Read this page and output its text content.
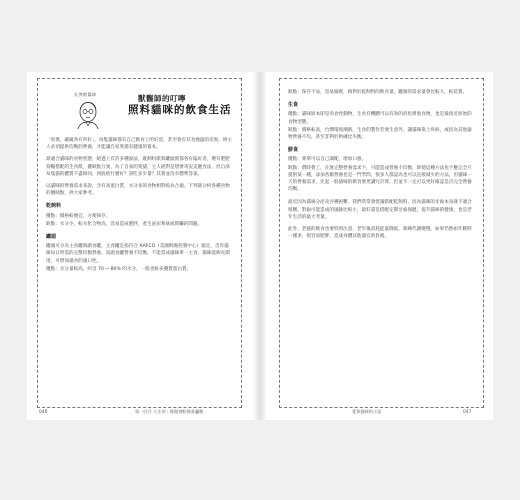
吳博獸醫師	獸醫師的叮嚀
照料貓咪的飲食生活

「貴菜，嚴厲各有所好」，每隻貓咪都有自己飲食上的好惡，甚至會有其食地盛的差異，則主人必須提供均衡的營養，才能讓自家愛貓有健康的資本。

最適合貓咪的食物型態，絕過上有許多種說法，既飼料派與罐頭派都各有偏好者，選有肥肥狗糧搭配的生食派，優缺點互異，為了自家的愛貓，主人絕對是想要寄況美麗食法，但自部每隻貓的體質不盡相同，到底給什麼好？該吃多少量？其實並沒有標準答案。

以貓咪的營養需求來說，含有高蛋白質，水分多的食物相對較為合適。下列就分析各種食物的優缺點，供大家參考。

乾飼料
優點：價格較便宜，方便保存。
缺點：水分少，較水化合物高，容易造成肥胖，產生泌尿系統或腎臟的問題。
罐頭
罐頭可分為主食罐與副食罐，主食罐是指符合 AAFCO（美國飼養控制中心）規定，含有貓咪每日所需的完整均衡營養，而副食罐營養不均衡，不能當成貓咪單一主食，貓咪能夠長期用，可增加貓食的適口性。
優點：水分量較高，約含 70 ~ 80% 的水分，一般也較多優質蛋白質。
046	第一回合 人生何｜除濕割粉都會轟動
缺點：保存不易，容易腐敗，相對於乾飼料的飲食量，罐頭的需求量會比較大，較花費。
生食
優點：貓咪原本即是肉食性動物，生食有機體可以有效的消化吸收食物，也是最接近原始的食物型態。
缺點：價格較高，台灣環境潮熱，生食的製作若發生意外，讓貓咪染上疾病，或因為其他器物營養不均，甚至非利於鈣磷比失衡。
鮮食
優點：菜單可以自己調配，增加口感。
缺點：費時費工，在無完整營養需求下，可能造成營養不均衡，即使這種方法也不應完全只提供某一種，添加各類營養也是一門學問，很多人都認為也可以直接減少的方法，但貓咪一天的營養需求，比起一般貓咪的飲食要更講究計算，但並不一定可以更好確認是否完全營養均衡。

最近因為貓咪分泌及吞嚥困難，我們常常會建議搭配乾飼料，因為貓咪的牙齒本身就不適合咀嚼，對齒可能造成的風險比較小，最好還是搭配定期牙齒保健，提升貓咪的健康，也是老年生活的最大考量。

此外，老貓的飲食也要特別注意，老年後消耗能量降低，新陳代謝變慢，如果仍然如年輕時一樣多，很容易肥胖，造成身體其他器官的負擔。

愛和貓咪的小語	047
